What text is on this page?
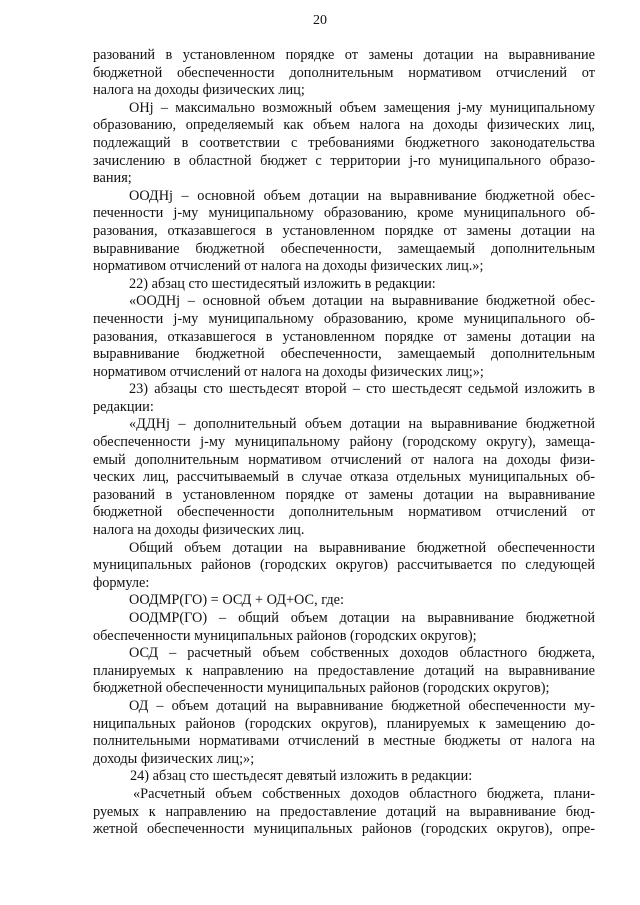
20
разований в установленном порядке от замены дотации на выравнивание
бюджетной обеспеченности дополнительным нормативом отчислений от
налога на доходы физических лиц;
OHj – максимально возможный объем замещения j-му муниципальному
образованию, определяемый как объем налога на доходы физических лиц,
подлежащий в соответствии с требованиями бюджетного законодательства
зачислению в областной бюджет с территории j-го муниципального образо-
вания;
ООДНj – основной объем дотации на выравнивание бюджетной обес-
печенности j-му муниципальному образованию, кроме муниципального об-
разования, отказавшегося в установленном порядке от замены дотации на
выравнивание бюджетной обеспеченности, замещаемый дополнительным
нормативом отчислений от налога на доходы физических лиц.»;
22) абзац сто шестидесятый изложить в редакции:
«ООДНj – основной объем дотации на выравнивание бюджетной обес-
печенности j-му муниципальному образованию, кроме муниципального об-
разования, отказавшегося в установленном порядке от замены дотации на
выравнивание бюджетной обеспеченности, замещаемый дополнительным
нормативом отчислений от налога на доходы физических лиц;»;
23) абзацы сто шестьдесят второй – сто шестьдесят седьмой изложить в
редакции:
«ДДНj – дополнительный объем дотации на выравнивание бюджетной
обеспеченности j-му муниципальному району (городскому округу), замеща-
емый дополнительным нормативом отчислений от налога на доходы физи-
ческих лиц, рассчитываемый в случае отказа отдельных муниципальных об-
разований в установленном порядке от замены дотации на выравнивание
бюджетной обеспеченности дополнительным нормативом отчислений от
налога на доходы физических лиц.
Общий объем дотации на выравнивание бюджетной обеспеченности
муниципальных районов (городских округов) рассчитывается по следующей
формуле:
ООДМР(ГО) = ОСД + ОД+ОС, где:
ООДМР(ГО) – общий объем дотации на выравнивание бюджетной
обеспеченности муниципальных районов (городских округов);
ОСД – расчетный объем собственных доходов областного бюджета,
планируемых к направлению на предоставление дотаций на выравнивание
бюджетной обеспеченности муниципальных районов (городских округов);
ОД – объем дотаций на выравнивание бюджетной обеспеченности му-
ниципальных районов (городских округов), планируемых к замещению до-
полнительными нормативами отчислений в местные бюджеты от налога на
доходы физических лиц;»;
24) абзац сто шестьдесят девятый изложить в редакции:
«Расчетный объем собственных доходов областного бюджета, плани-
руемых к направлению на предоставление дотаций на выравнивание бюд-
жетной обеспеченности муниципальных районов (городских округов), опре-
